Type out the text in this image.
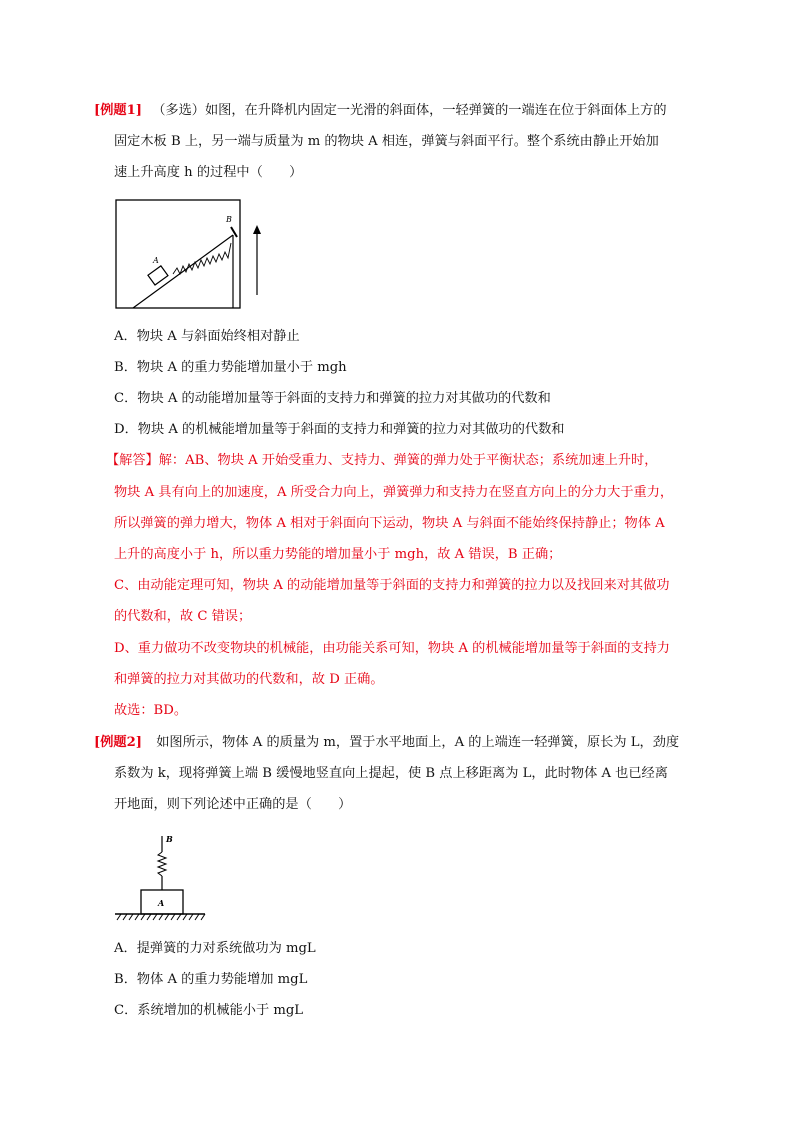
[例题1] （多选）如图，在升降机内固定一光滑的斜面体，一轻弹簧的一端连在位于斜面体上方的
固定木板 B 上，另一端与质量为 m 的物块 A 相连，弹簧与斜面平行。整个系统由静止开始加
速上升高度 h 的过程中（　　）
A
B
A．物块 A 与斜面始终相对静止
B．物块 A 的重力势能增加量小于 mgh
C．物块 A 的动能增加量等于斜面的支持力和弹簧的拉力对其做功的代数和
D．物块 A 的机械能增加量等于斜面的支持力和弹簧的拉力对其做功的代数和
【解答】解：AB、物块 A 开始受重力、支持力、弹簧的弹力处于平衡状态；系统加速上升时，
物块 A 具有向上的加速度，A 所受合力向上，弹簧弹力和支持力在竖直方向上的分力大于重力，
所以弹簧的弹力增大，物体 A 相对于斜面向下运动，物块 A 与斜面不能始终保持静止；物体 A
上升的高度小于 h，所以重力势能的增加量小于 mgh，故 A 错误，B 正确；
C、由动能定理可知，物块 A 的动能增加量等于斜面的支持力和弹簧的拉力以及找回来对其做功
的代数和，故 C 错误；
D、重力做功不改变物块的机械能，由功能关系可知，物块 A 的机械能增加量等于斜面的支持力
和弹簧的拉力对其做功的代数和，故 D 正确。
故选：BD。
[例题2] 如图所示，物体 A 的质量为 m，置于水平地面上，A 的上端连一轻弹簧，原长为 L，劲度
系数为 k，现将弹簧上端 B 缓慢地竖直向上提起，使 B 点上移距离为 L，此时物体 A 也已经离
开地面，则下列论述中正确的是（　　）
B
A
A．提弹簧的力对系统做功为 mgL
B．物体 A 的重力势能增加 mgL
C．系统增加的机械能小于 mgL
